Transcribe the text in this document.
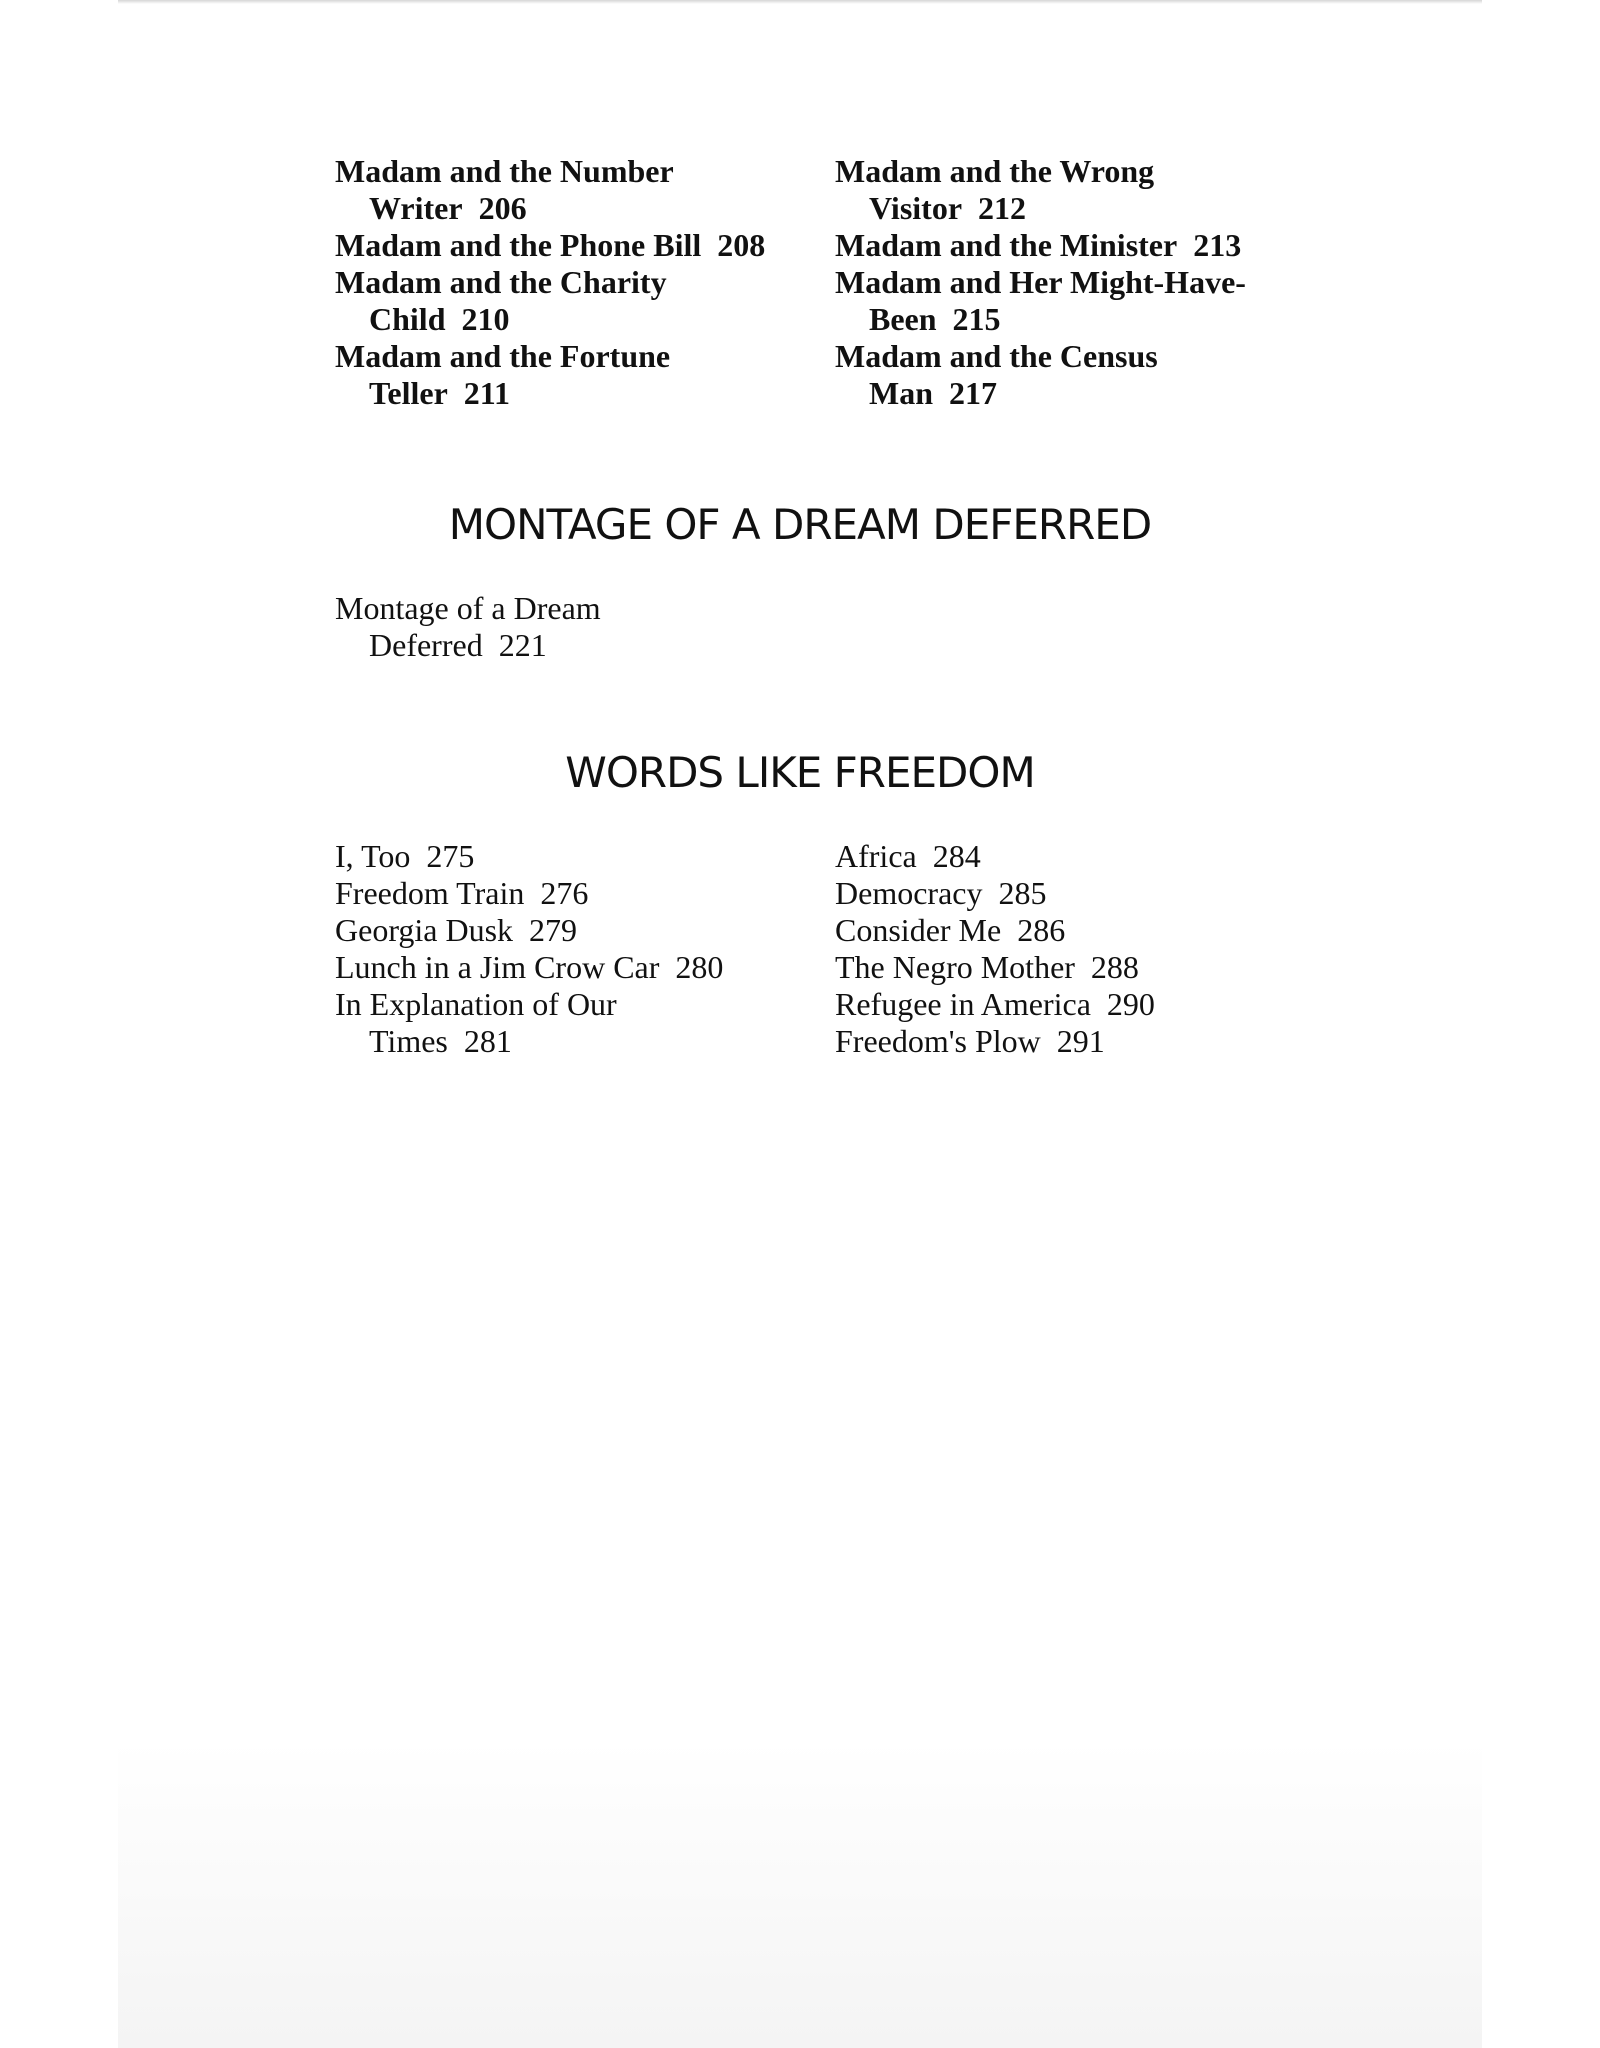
Madam and the Number Writer 206

Madam and the Phone Bill 208

Madam and the Charity Child 210

Madam and the Fortune Teller 211

Madam and the Wrong Visitor 212

Madam and the Minister 213

Madam and Her Might-Have-Been 215

Madam and the Census Man 217

MONTAGE OF A DREAM DEFERRED

Montage of a Dream Deferred 221

WORDS LIKE FREEDOM

I, Too 275

Freedom Train 276

Georgia Dusk 279

Lunch in a Jim Crow Car 280

In Explanation of Our Times 281

Africa 284

Democracy 285

Consider Me 286

The Negro Mother 288

Refugee in America 290

Freedom's Plow 291
